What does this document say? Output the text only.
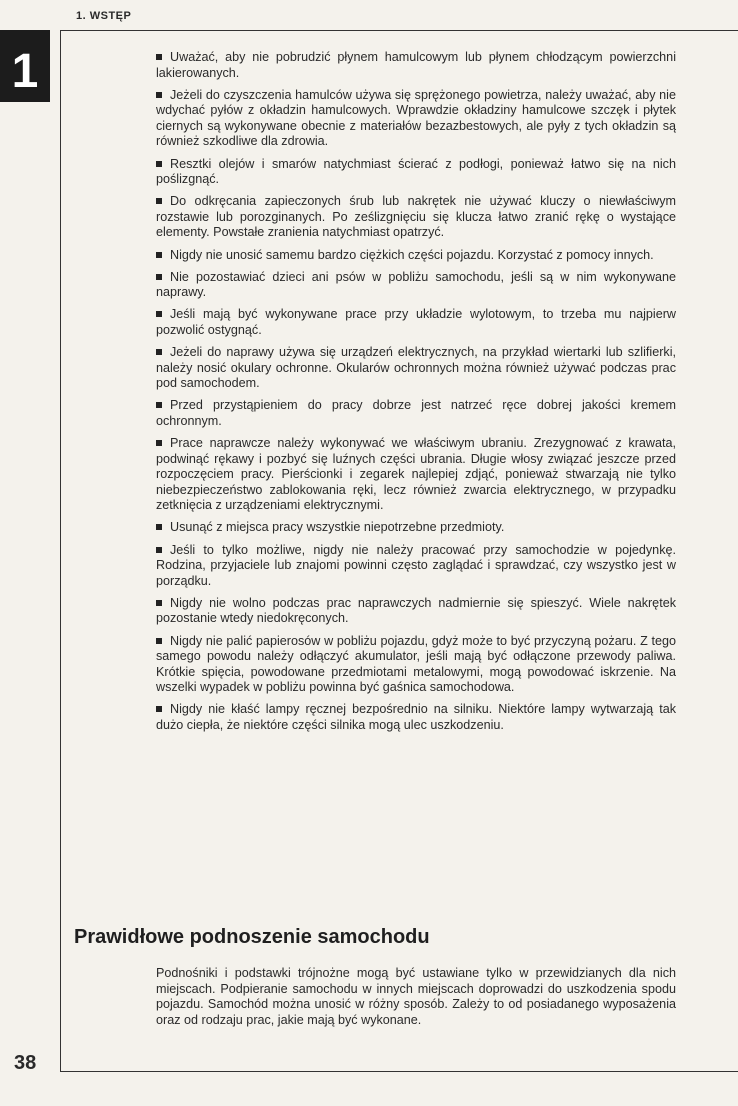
1. WSTĘP
1	Uważać, aby nie pobrudzić płynem hamulcowym lub płynem chłodzącym powierzchni lakierowanych.
Jeżeli do czyszczenia hamulców używa się sprężonego powietrza, należy uważać, aby nie wdychać pyłów z okładzin hamulcowych. Wprawdzie okładziny hamulcowe szczęk i płytek ciernych są wykonywane obecnie z materiałów bezazbestowych, ale pyły z tych okładzin są również szkodliwe dla zdrowia.
Resztki olejów i smarów natychmiast ścierać z podłogi, ponieważ łatwo się na nich poślizgnąć.
Do odkręcania zapieczonych śrub lub nakrętek nie używać kluczy o niewłaściwym rozstawie lub porozginanych. Po ześlizgnięciu się klucza łatwo zranić rękę o wystające elementy. Powstałe zranienia natychmiast opatrzyć.
Nigdy nie unosić samemu bardzo ciężkich części pojazdu. Korzystać z pomocy innych.
Nie pozostawiać dzieci ani psów w pobliżu samochodu, jeśli są w nim wykonywane naprawy.
Jeśli mają być wykonywane prace przy układzie wylotowym, to trzeba mu najpierw pozwolić ostygnąć.
Jeżeli do naprawy używa się urządzeń elektrycznych, na przykład wiertarki lub szlifierki, należy nosić okulary ochronne. Okularów ochronnych można również używać podczas prac pod samochodem.
Przed przystąpieniem do pracy dobrze jest natrzeć ręce dobrej jakości kremem ochronnym.
Prace naprawcze należy wykonywać we właściwym ubraniu. Zrezygnować z krawata, podwinąć rękawy i pozbyć się luźnych części ubrania. Długie włosy związać jeszcze przed rozpoczęciem pracy. Pierścionki i zegarek najlepiej zdjąć, ponieważ stwarzają nie tylko niebezpieczeństwo zablokowania ręki, lecz również zwarcia elektrycznego, w przypadku zetknięcia z urządzeniami elektrycznymi.
Usunąć z miejsca pracy wszystkie niepotrzebne przedmioty.
Jeśli to tylko możliwe, nigdy nie należy pracować przy samochodzie w pojedynkę. Rodzina, przyjaciele lub znajomi powinni często zaglądać i sprawdzać, czy wszystko jest w porządku.
Nigdy nie wolno podczas prac naprawczych nadmiernie się spieszyć. Wiele nakrętek pozostanie wtedy niedokręconych.
Nigdy nie palić papierosów w pobliżu pojazdu, gdyż może to być przyczyną pożaru. Z tego samego powodu należy odłączyć akumulator, jeśli mają być odłączone przewody paliwa. Krótkie spięcia, powodowane przedmiotami metalowymi, mogą powodować iskrzenie. Na wszelki wypadek w pobliżu powinna być gaśnica samochodowa.
Nigdy nie kłaść lampy ręcznej bezpośrednio na silniku. Niektóre lampy wytwarzają tak dużo ciepła, że niektóre części silnika mogą ulec uszkodzeniu.
Prawidłowe podnoszenie samochodu

Podnośniki i podstawki trójnożne mogą być ustawiane tylko w przewidzianych dla nich miejscach. Podpieranie samochodu w innych miejscach doprowadzi do uszkodzenia spodu pojazdu. Samochód można unosić w różny sposób. Zależy to od posiadanego wyposażenia oraz od rodzaju prac, jakie mają być wykonane.

38
